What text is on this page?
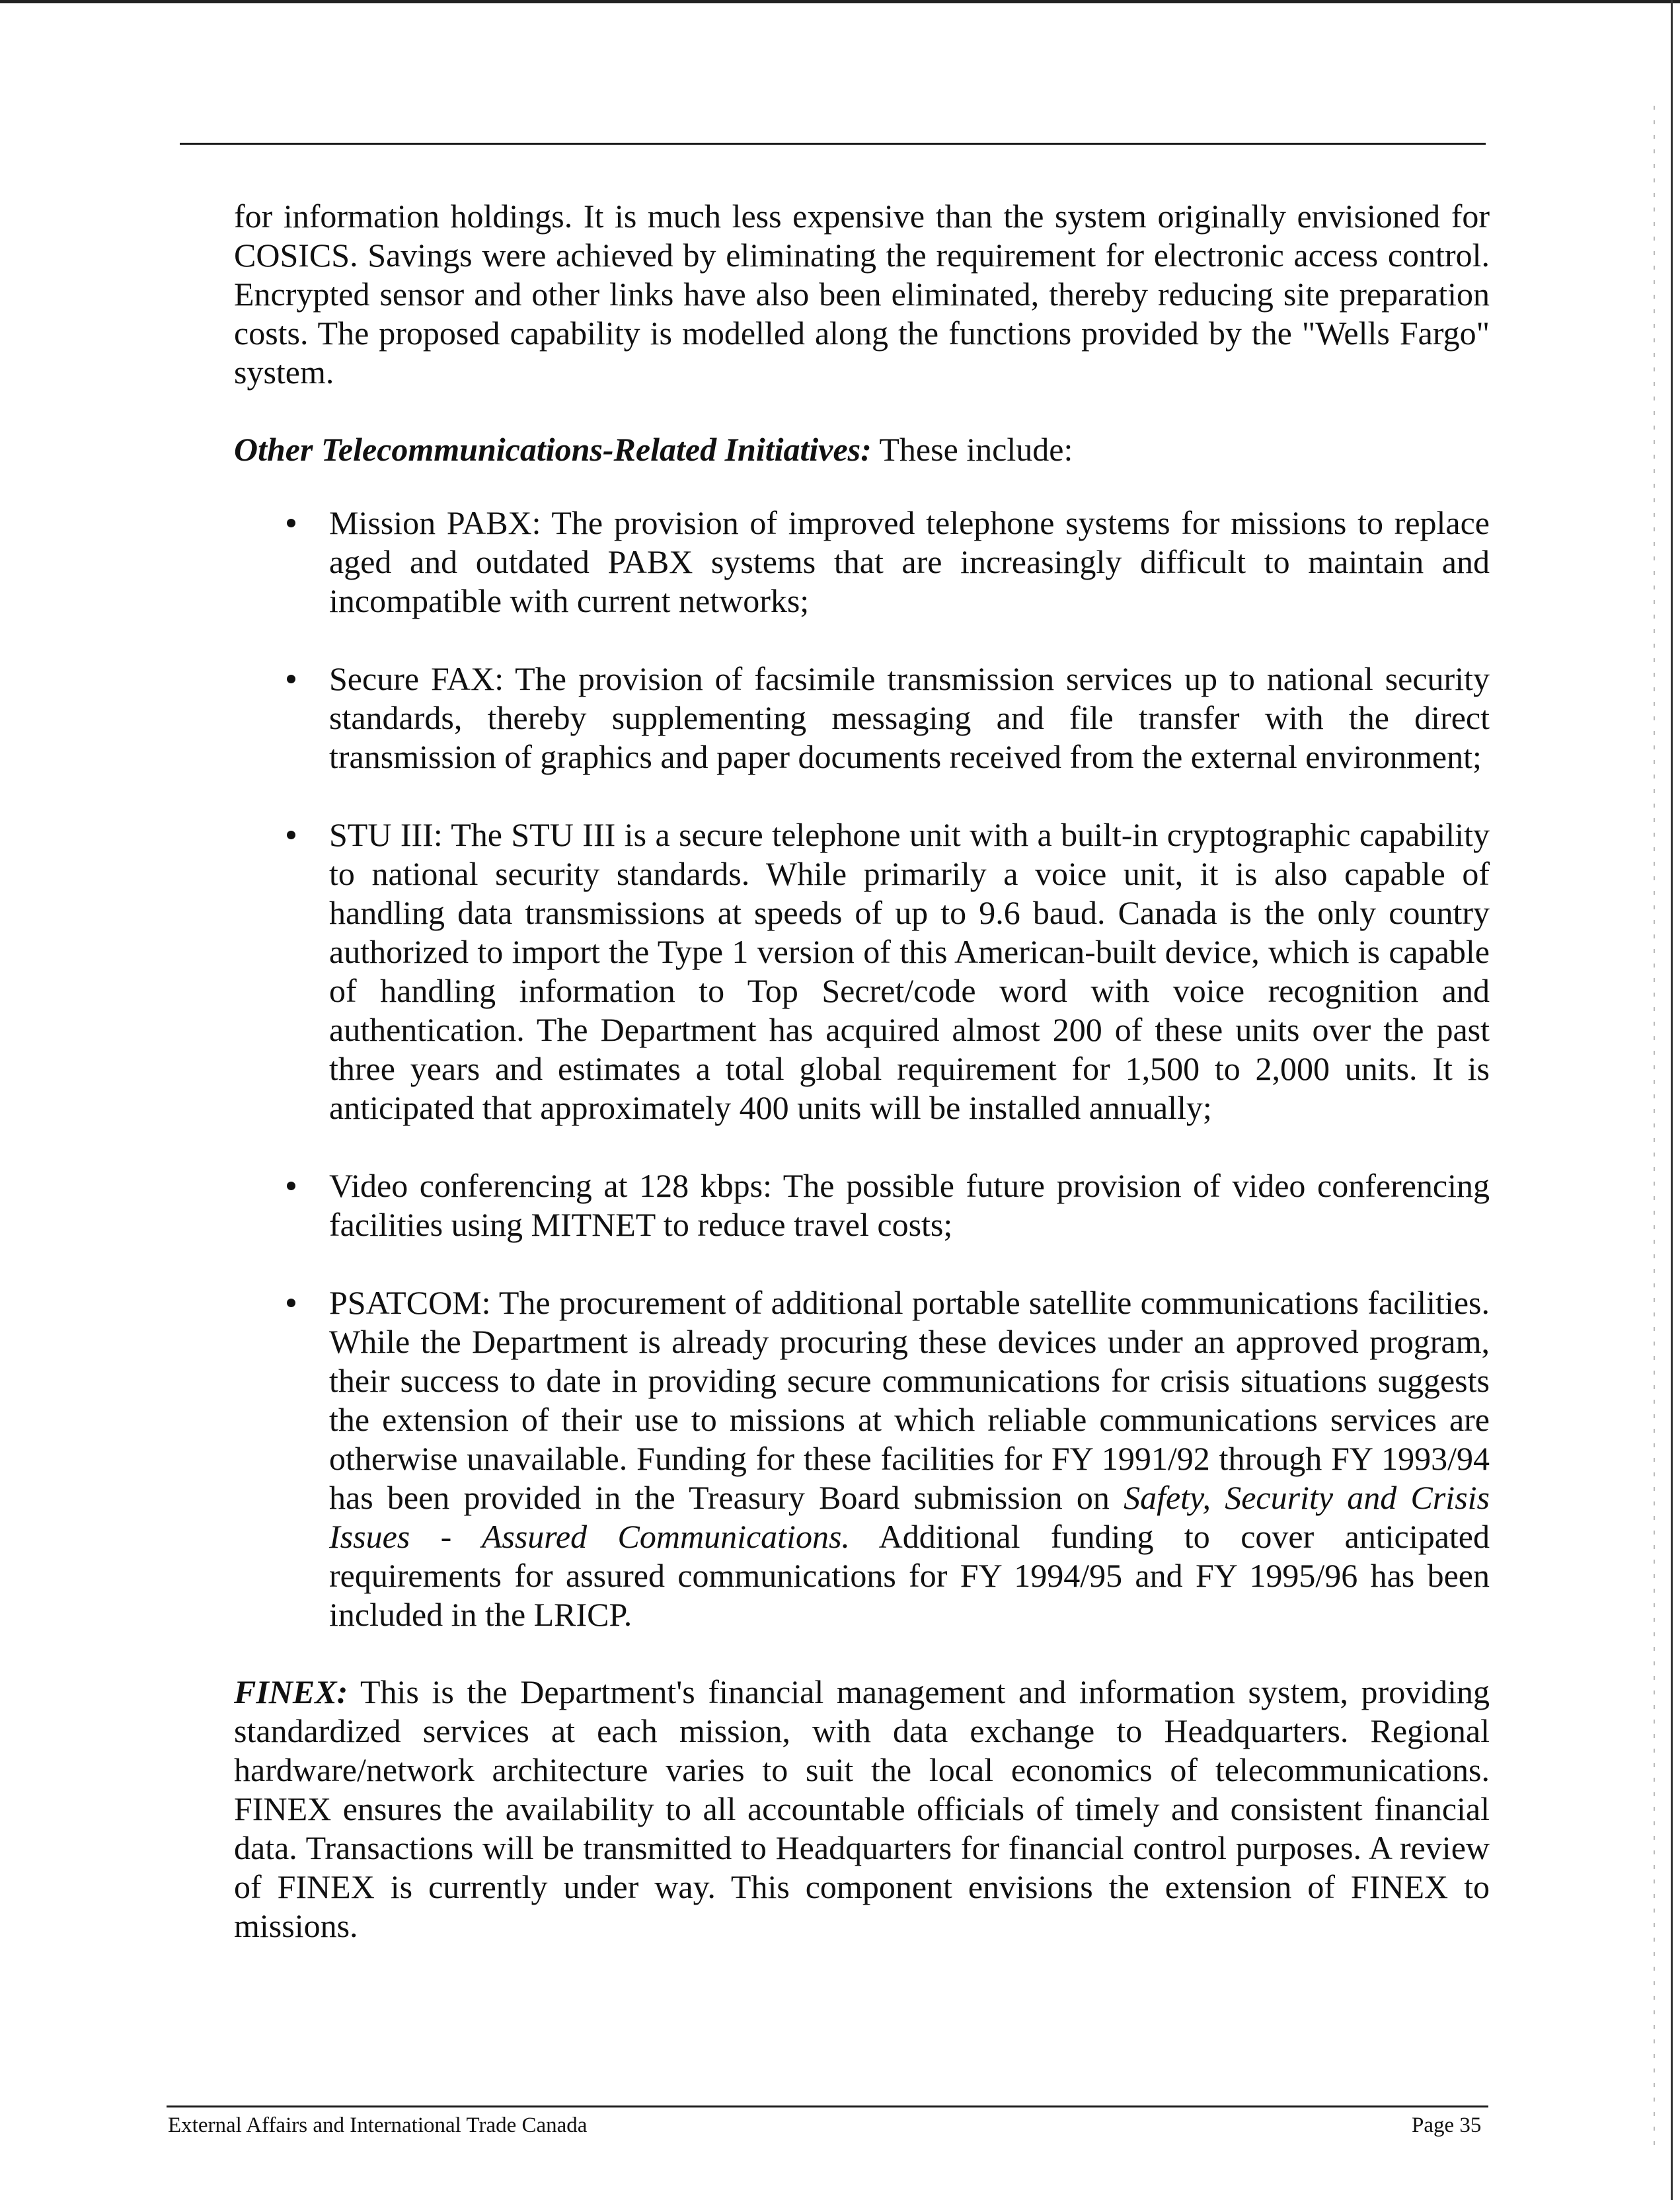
for information holdings. It is much less expensive than the system originally envisioned for COSICS. Savings were achieved by eliminating the requirement for electronic access control. Encrypted sensor and other links have also been eliminated, thereby reducing site preparation costs. The proposed capability is modelled along the functions provided by the "Wells Fargo" system.

Other Telecommunications-Related Initiatives: These include:

Mission PABX: The provision of improved telephone systems for missions to replace aged and outdated PABX systems that are increasingly difficult to maintain and incompatible with current networks;
Secure FAX: The provision of facsimile transmission services up to national security standards, thereby supplementing messaging and file transfer with the direct transmission of graphics and paper documents received from the external environment;
STU III: The STU III is a secure telephone unit with a built-in cryptographic capability to national security standards. While primarily a voice unit, it is also capable of handling data transmissions at speeds of up to 9.6 baud. Canada is the only country authorized to import the Type 1 version of this American-built device, which is capable of handling information to Top Secret/code word with voice recognition and authentication. The Department has acquired almost 200 of these units over the past three years and estimates a total global requirement for 1,500 to 2,000 units. It is anticipated that approximately 400 units will be installed annually;
Video conferencing at 128 kbps: The possible future provision of video conferencing facilities using MITNET to reduce travel costs;
PSATCOM: The procurement of additional portable satellite communications facilities. While the Department is already procuring these devices under an approved program, their success to date in providing secure communications for crisis situations suggests the extension of their use to missions at which reliable communications services are otherwise unavailable. Funding for these facilities for FY 1991/92 through FY 1993/94 has been provided in the Treasury Board submission on Safety, Security and Crisis Issues - Assured Communications. Additional funding to cover anticipated requirements for assured communications for FY 1994/95 and FY 1995/96 has been included in the LRICP.

FINEX: This is the Department's financial management and information system, providing standardized services at each mission, with data exchange to Headquarters. Regional hardware/network architecture varies to suit the local economics of telecommunications. FINEX ensures the availability to all accountable officials of timely and consistent financial data. Transactions will be transmitted to Headquarters for financial control purposes. A review of FINEX is currently under way. This component envisions the extension of FINEX to missions.

External Affairs and International Trade Canada	Page 35
